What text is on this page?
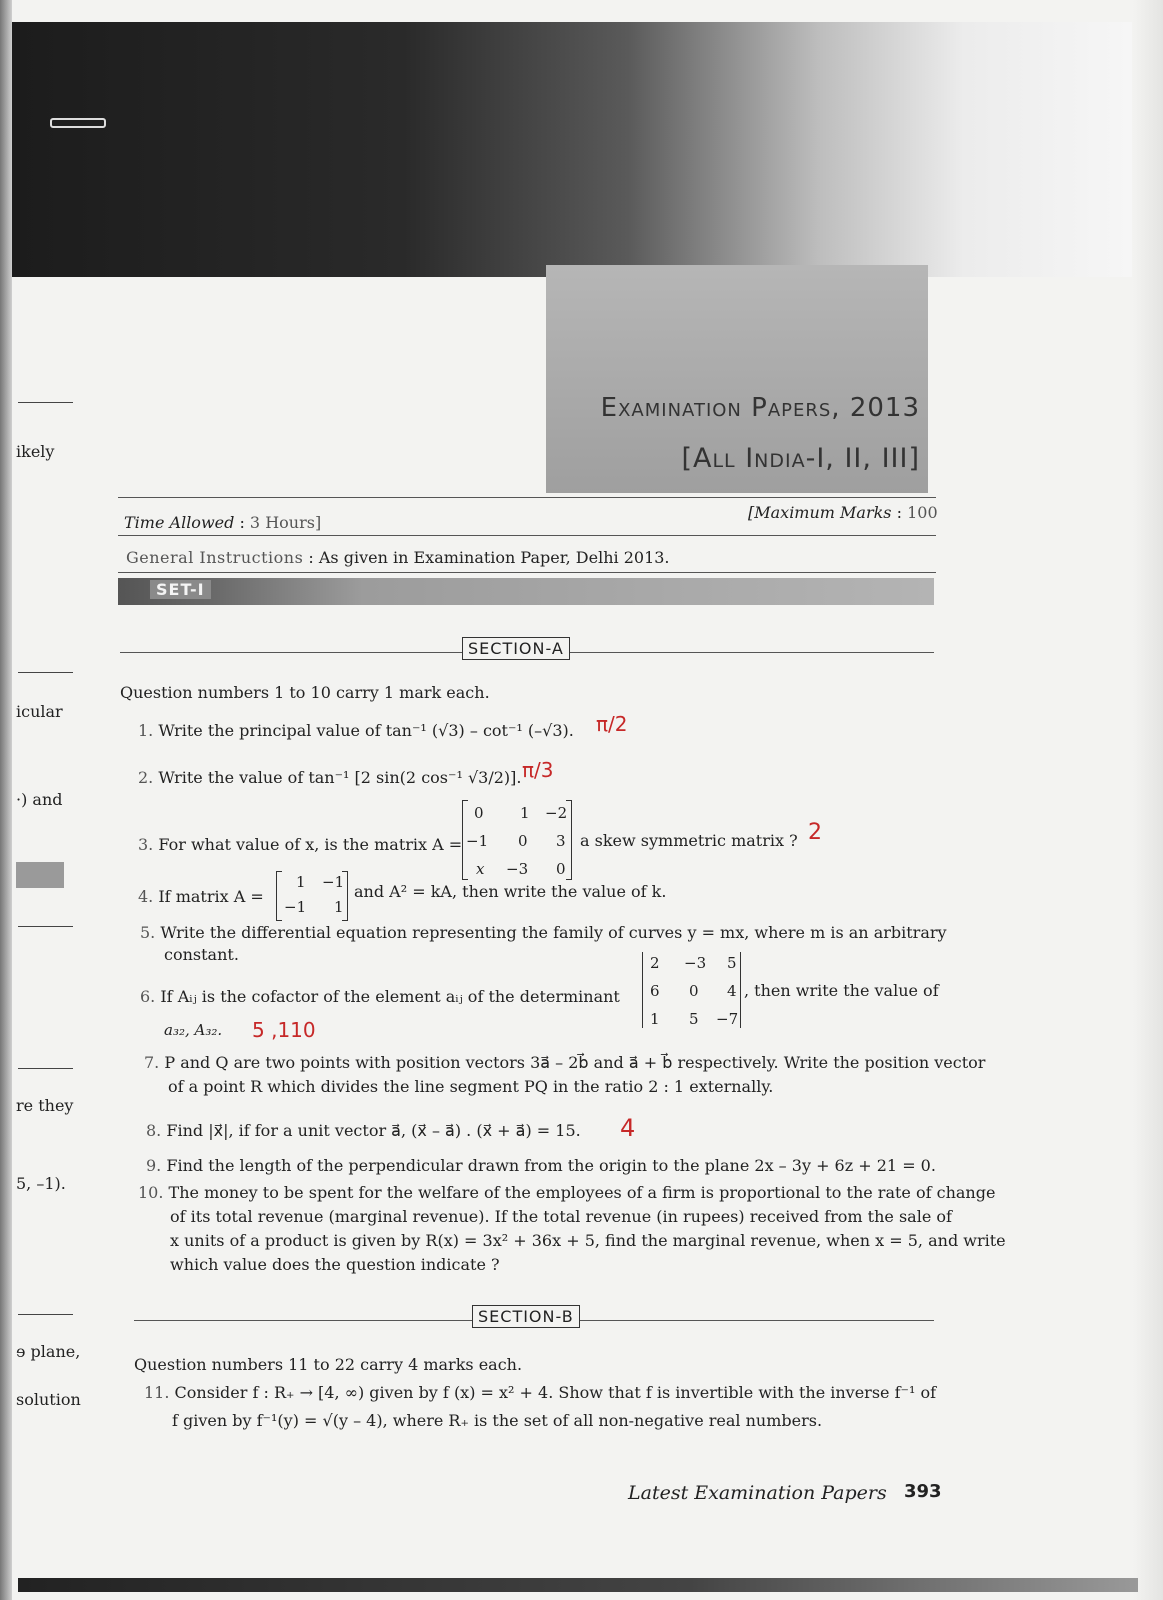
Examination Papers, 2013
[All India-I, II, III]
ikely
icular
·) and
re they
5, –1).
ɘ plane,
solution
Time Allowed : 3 Hours]
[Maximum Marks : 100
General Instructions : As given in Examination Paper, Delhi 2013.
SET-I
SECTION-A
Question numbers 1 to 10 carry 1 mark each.
1. Write the principal value of tan⁻¹ (√3) – cot⁻¹ (–√3). π/2
2. Write the value of tan⁻¹ [2 sin(2 cos⁻¹ √3/2)]. π/3
3. For what value of x, is the matrix A =
0 1 −2
−1 0 3
x −3 0
a skew symmetric matrix ? 2
4. If matrix A =
1 −1
−1 1
and A² = kA, then write the value of k.
5. Write the differential equation representing the family of curves y = mx, where m is an arbitrary
constant.
6. If Aᵢⱼ is the cofactor of the element aᵢⱼ of the determinant
2 −3 5
6 0 4
1 5 −7
, then write the value of
a₃₂, A₃₂. 5 ,110
7. P and Q are two points with position vectors 3a⃗ – 2b⃗ and a⃗ + b⃗ respectively. Write the position vector
of a point R which divides the line segment PQ in the ratio 2 : 1 externally.
8. Find |x⃗|, if for a unit vector a⃗, (x⃗ – a⃗) . (x⃗ + a⃗) = 15. 4
9. Find the length of the perpendicular drawn from the origin to the plane 2x – 3y + 6z + 21 = 0.
10. The money to be spent for the welfare of the employees of a firm is proportional to the rate of change
of its total revenue (marginal revenue). If the total revenue (in rupees) received from the sale of
x units of a product is given by R(x) = 3x² + 36x + 5, find the marginal revenue, when x = 5, and write
which value does the question indicate ?
SECTION-B
Question numbers 11 to 22 carry 4 marks each.
11. Consider f : R₊ → [4, ∞) given by f (x) = x² + 4. Show that f is invertible with the inverse f⁻¹ of
f given by f⁻¹(y) = √(y – 4), where R₊ is the set of all non-negative real numbers.
Latest Examination Papers 393
